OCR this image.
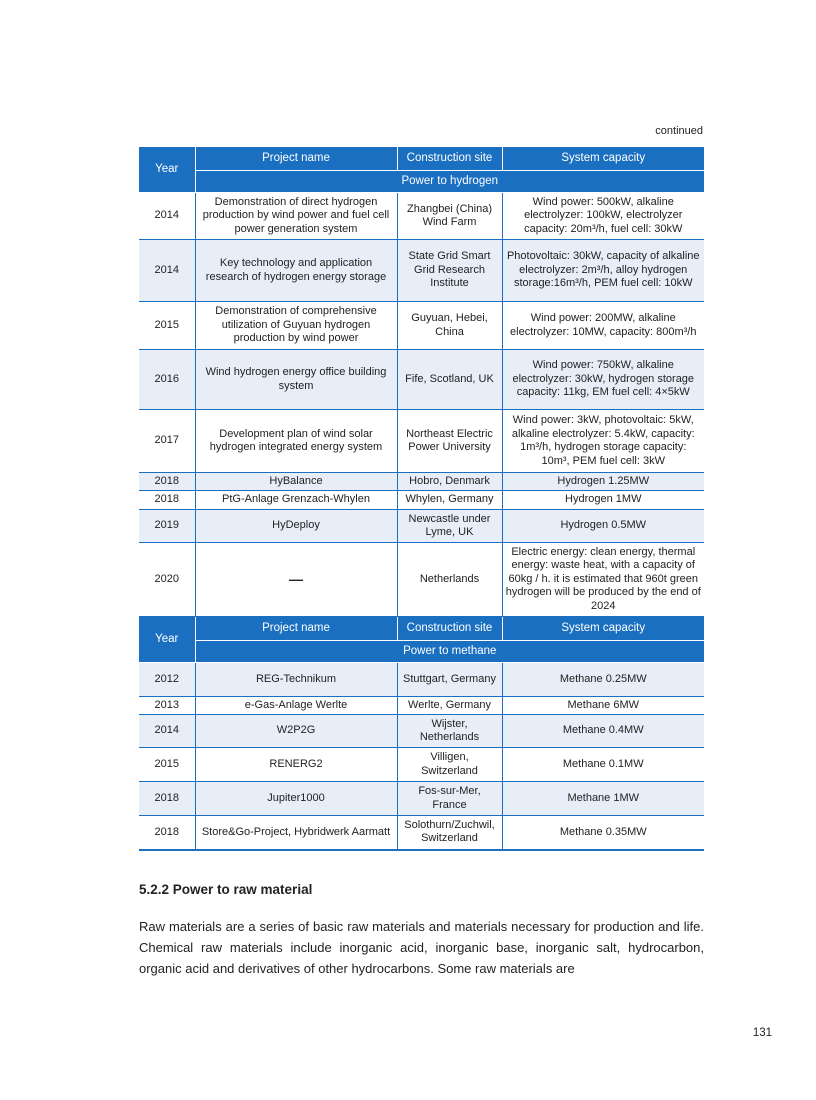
continued
Year	Project name	Construction site	System capacity
	Power to hydrogen		
2014	Demonstration of direct hydrogen production by wind power and fuel cell power generation system	Zhangbei (China) Wind Farm	Wind power: 500kW, alkaline electrolyzer: 100kW, electrolyzer capacity: 20m³/h, fuel cell: 30kW
2014	Key technology and application research of hydrogen energy storage	State Grid Smart Grid Research Institute	Photovoltaic: 30kW, capacity of alkaline electrolyzer: 2m³/h, alloy hydrogen storage:16m³/h, PEM fuel cell: 10kW
2015	Demonstration of comprehensive utilization of Guyuan hydrogen production by wind power	Guyuan, Hebei, China	Wind power: 200MW, alkaline electrolyzer: 10MW, capacity: 800m³/h
2016	Wind hydrogen energy office building system	Fife, Scotland, UK	Wind power: 750kW, alkaline electrolyzer: 30kW, hydrogen storage capacity: 11kg, EM fuel cell: 4×5kW
2017	Development plan of wind solar hydrogen integrated energy system	Northeast Electric Power University	Wind power: 3kW, photovoltaic: 5kW, alkaline electrolyzer: 5.4kW, capacity: 1m³/h, hydrogen storage capacity: 10m³, PEM fuel cell: 3kW
2018	HyBalance	Hobro, Denmark	Hydrogen 1.25MW
2018	PtG-Anlage Grenzach-Whylen	Whylen, Germany	Hydrogen 1MW
2019	HyDeploy	Newcastle under Lyme, UK	Hydrogen 0.5MW
2020	—	Netherlands	Electric energy: clean energy, thermal energy: waste heat, with a capacity of 60kg / h. it is estimated that 960t green hydrogen will be produced by the end of 2024
Year	Project name	Construction site	System capacity
	Power to methane		
2012	REG-Technikum	Stuttgart, Germany	Methane 0.25MW
2013	e-Gas-Anlage Werlte	Werlte, Germany	Methane 6MW
2014	W2P2G	Wijster, Netherlands	Methane 0.4MW
2015	RENERG2	Villigen, Switzerland	Methane 0.1MW
2018	Jupiter1000	Fos-sur-Mer, France	Methane 1MW
2018	Store&Go-Project, Hybridwerk Aarmatt	Solothurn/Zuchwil, Switzerland	Methane 0.35MW
5.2.2 Power to raw material

Raw materials are a series of basic raw materials and materials necessary for production and life. Chemical raw materials include inorganic acid, inorganic base, inorganic salt, hydrocarbon, organic acid and derivatives of other hydrocarbons. Some raw materials are

131
